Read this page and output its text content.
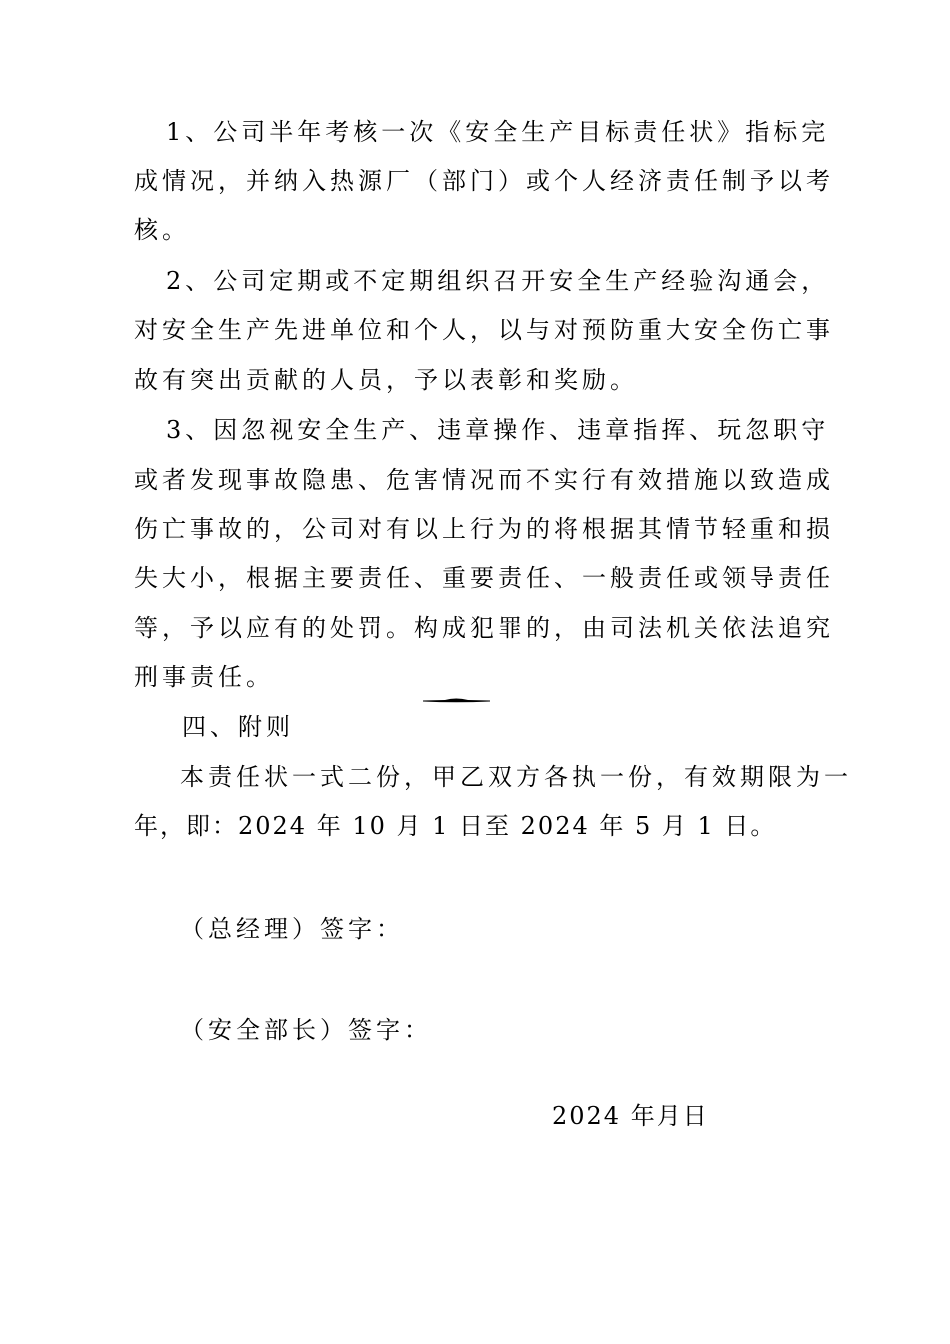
1、公司半年考核一次《安全生产目标责任状》指标完
成情况，并纳入热源厂（部门）或个人经济责任制予以考
核。
2、公司定期或不定期组织召开安全生产经验沟通会，
对安全生产先进单位和个人，以与对预防重大安全伤亡事
故有突出贡献的人员，予以表彰和奖励。
3、因忽视安全生产、违章操作、违章指挥、玩忽职守
或者发现事故隐患、危害情况而不实行有效措施以致造成
伤亡事故的，公司对有以上行为的将根据其情节轻重和损
失大小，根据主要责任、重要责任、一般责任或领导责任
等，予以应有的处罚。构成犯罪的，由司法机关依法追究
刑事责任。
四、附则
本责任状一式二份，甲乙双方各执一份，有效期限为一
年，即：2024 年 10 月 1 日至 2024 年 5 月 1 日。
（总经理）签字：
（安全部长）签字：
2024 年月日
